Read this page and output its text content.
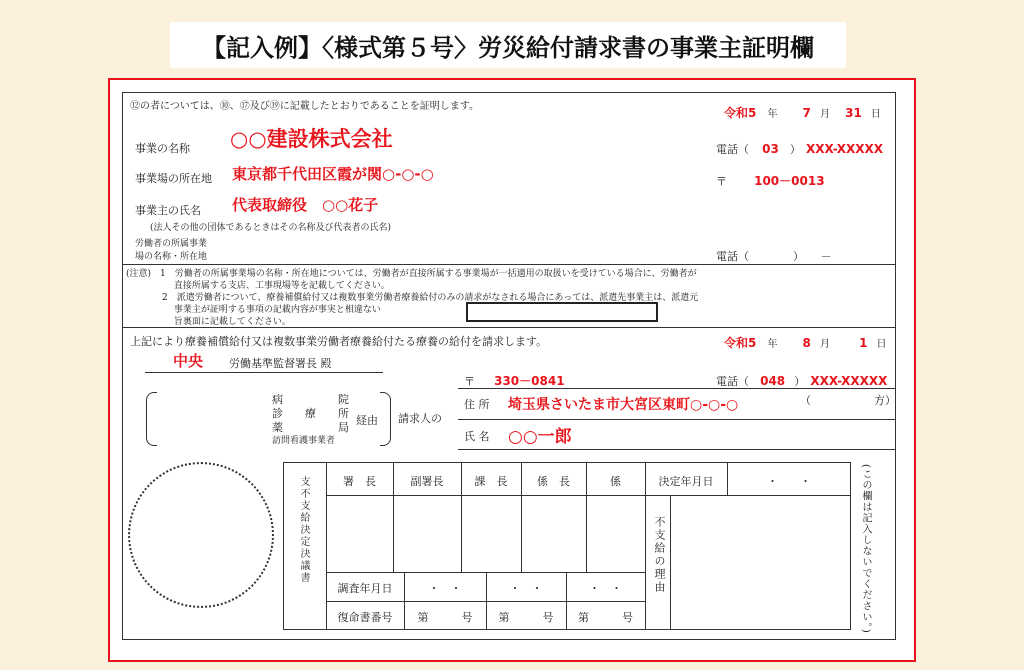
【記入例】〈様式第５号〉労災給付請求書の事業主証明欄
⑫の者については、⑩、⑰及び⑲に記載したとおりであることを証明します。	令和5 年 7 月 31 日
事業の名称 ○○建設株式会社	電話（ 03 ） XXX-XXXXX
事業場の所在地 東京都千代田区霞が関○-○-○	〒 100－0013
事業主の氏名 代表取締役　○○花子
(法人その他の団体であるときはその名称及び代表者の氏名)
労働者の所属事業
場の名称・所在地	電話（　　　　）　　－
(注意)　1　労働者の所属事業場の名称・所在地については、労働者が直接所属する事業場が一括適用の取扱いを受けている場合に、労働者が
　　　　　 直接所属する支店、工事現場等を記載してください。
　　　　2　派遣労働者について、療養補償給付又は複数事業労働者療養給付のみの請求がなされる場合にあっては、派遣先事業主は、派遣元
　　　　　 事業主が証明する事項の記載内容が事実と相違ない
　　　　　 旨裏面に記載してください。
上記により療養補償給付又は複数事業労働者療養給付たる療養の給付を請求します。	令和5 年 8 月 1 日
中央 労働基準監督署長 殿
〒 330－0841	電話（ 048 ） XXX-XXXXX
病	院
診 療 所
薬	局
経由
訪問看護事業者
請求人の
住 所 埼玉県さいたま市大宮区東町○-○-○	（	方）
氏 名 ○○一郎
支不支給決定決議書	署　長	副署長	課　長	係　長	係	決定年月日	・　　・
不支給の理由
調査年月日	・　・	・　・	・　・
復命書番号	第　　　号	第　　　号	第　　　号	(この欄は記入しないでください。)
